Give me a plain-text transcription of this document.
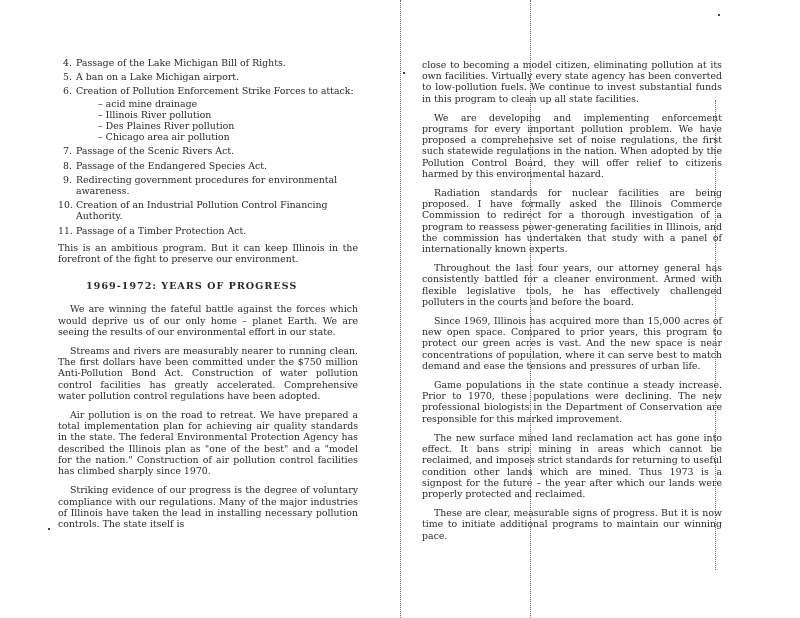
4. Passage of the Lake Michigan Bill of Rights.
5. A ban on a Lake Michigan airport.
6. Creation of Pollution Enforcement Strike Forces to attack:
– acid mine drainage
– Illinois River pollution
– Des Plaines River pollution
– Chicago area air pollution
7. Passage of the Scenic Rivers Act.
8. Passage of the Endangered Species Act.
9. Redirecting government procedures for environmental awareness.
10. Creation of an Industrial Pollution Control Financing Authority.
11. Passage of a Timber Protection Act.

This is an ambitious program. But it can keep Illinois in the forefront of the fight to preserve our environment.

1969-1972: YEARS OF PROGRESS

We are winning the fateful battle against the forces which would deprive us of our only home – planet Earth. We are seeing the results of our environmental effort in our state.

Streams and rivers are measurably nearer to running clean. The first dollars have been committed under the $750 million Anti-Pollution Bond Act. Construction of water pollution control facilities has greatly accelerated. Comprehensive water pollution control regulations have been adopted.

Air pollution is on the road to retreat. We have prepared a total implementation plan for achieving air quality standards in the state. The federal Environmental Protection Agency has described the Illinois plan as "one of the best" and a "model for the nation." Construction of air pollution control facilities has climbed sharply since 1970.

Striking evidence of our progress is the degree of voluntary compliance with our regulations. Many of the major industries of Illinois have taken the lead in installing necessary pollution controls. The state itself is

close to becoming a model citizen, eliminating pollution at its own facilities. Virtually every state agency has been converted to low-pollution fuels. We continue to invest substantial funds in this program to clean up all state facilities.

We are developing and implementing enforcement programs for every important pollution problem. We have proposed a comprehensive set of noise regulations, the first such statewide regulations in the nation. When adopted by the Pollution Control Board, they will offer relief to citizens harmed by this environmental hazard.

Radiation standards for nuclear facilities are being proposed. I have formally asked the Illinois Commerce Commission to redirect for a thorough investigation of a program to reassess power-generating facilities in Illinois, and the commission has undertaken that study with a panel of internationally known experts.

Throughout the last four years, our attorney general has consistently battled for a cleaner environment. Armed with flexible legislative tools, he has effectively challenged polluters in the courts and before the board.

Since 1969, Illinois has acquired more than 15,000 acres of new open space. Compared to prior years, this program to protect our green acres is vast. And the new space is near concentrations of population, where it can serve best to match demand and ease the tensions and pressures of urban life.

Game populations in the state continue a steady increase. Prior to 1970, these populations were declining. The new professional biologists in the Department of Conservation are responsible for this marked improvement.

The new surface mined land reclamation act has gone into effect. It bans strip mining in areas which cannot be reclaimed, and imposes strict standards for returning to useful condition other lands which are mined. Thus 1973 is a signpost for the future – the year after which our lands were properly protected and reclaimed.

These are clear, measurable signs of progress. But it is now time to initiate additional programs to maintain our winning pace.
